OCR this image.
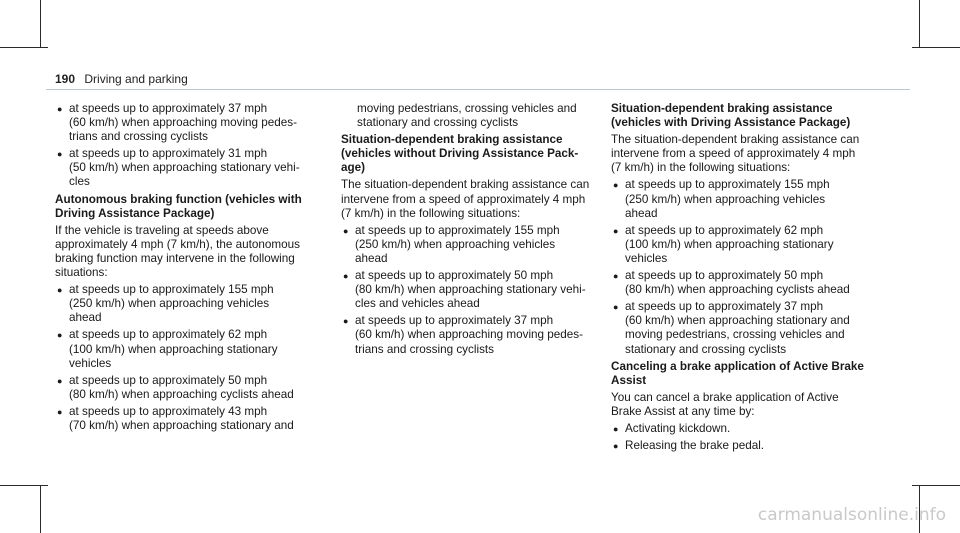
190 Driving and parking
● at speeds up to approximately 37 mph
(60 km/h) when approaching moving pedes-
trians and crossing cyclists
● at speeds up to approximately 31 mph
(50 km/h) when approaching stationary vehi-
cles
Autonomous braking function (vehicles with
Driving Assistance Package)

If the vehicle is traveling at speeds above
approximately 4 mph (7 km/h), the autonomous
braking function may intervene in the following
situations:

● at speeds up to approximately 155 mph
(250 km/h) when approaching vehicles
ahead
● at speeds up to approximately 62 mph
(100 km/h) when approaching stationary
vehicles
● at speeds up to approximately 50 mph
(80 km/h) when approaching cyclists ahead
● at speeds up to approximately 43 mph
(70 km/h) when approaching stationary and

moving pedestrians, crossing vehicles and
stationary and crossing cyclists

Situation-dependent braking assistance
(vehicles without Driving Assistance Pack-
age)

The situation-dependent braking assistance can
intervene from a speed of approximately 4 mph
(7 km/h) in the following situations:

● at speeds up to approximately 155 mph
(250 km/h) when approaching vehicles
ahead
● at speeds up to approximately 50 mph
(80 km/h) when approaching stationary vehi-
cles and vehicles ahead
● at speeds up to approximately 37 mph
(60 km/h) when approaching moving pedes-
trians and crossing cyclists
Situation-dependent braking assistance
(vehicles with Driving Assistance Package)

The situation-dependent braking assistance can
intervene from a speed of approximately 4 mph
(7 km/h) in the following situations:

● at speeds up to approximately 155 mph
(250 km/h) when approaching vehicles
ahead
● at speeds up to approximately 62 mph
(100 km/h) when approaching stationary
vehicles
● at speeds up to approximately 50 mph
(80 km/h) when approaching cyclists ahead
● at speeds up to approximately 37 mph
(60 km/h) when approaching stationary and
moving pedestrians, crossing vehicles and
stationary and crossing cyclists
Canceling a brake application of Active Brake
Assist

You can cancel a brake application of Active
Brake Assist at any time by:

● Activating kickdown.
● Releasing the brake pedal.
carmanualsonline.info
